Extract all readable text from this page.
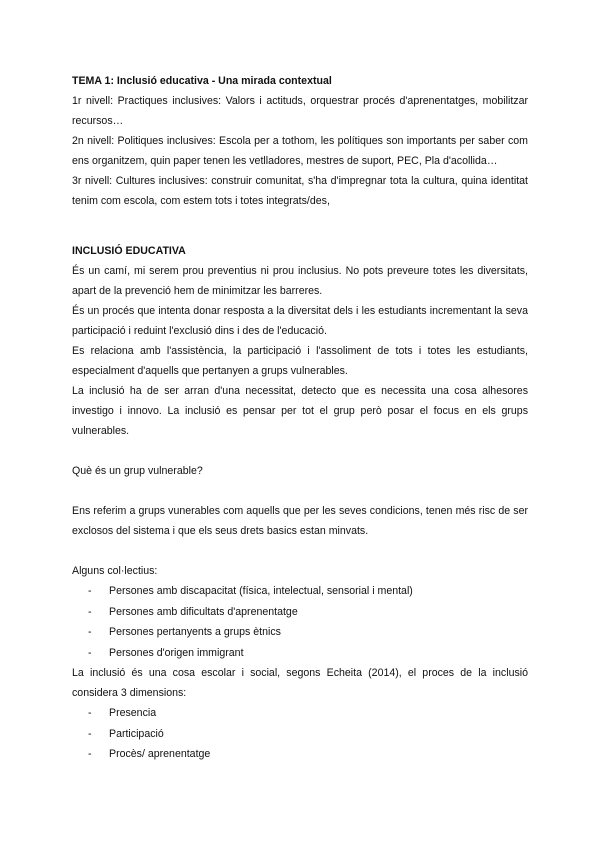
TEMA 1: Inclusió educativa - Una mirada contextual

1r nivell: Practiques inclusives: Valors i actituds, orquestrar procés d'aprenentatges, mobilitzar recursos…

2n nivell: Politiques inclusives: Escola per a tothom, les polítiques son importants per saber com ens organitzem, quin paper tenen les vetlladores, mestres de suport, PEC, Pla d'acollida…

3r nivell: Cultures inclusives: construir comunitat, s'ha d'impregnar tota la cultura, quina identitat tenim com escola, com estem tots i totes integrats/des,

INCLUSIÓ EDUCATIVA

És un camí, mi serem prou preventius ni prou inclusius. No pots preveure totes les diversitats, apart de la prevenció hem de minimitzar les barreres.

És un procés que intenta donar resposta a la diversitat dels i les estudiants incrementant la seva participació i reduint l'exclusió dins i des de l'educació.

Es relaciona amb l'assistència, la participació i l'assoliment de tots i totes les estudiants, especialment d'aquells que pertanyen a grups vulnerables.

La inclusió ha de ser arran d'una necessitat, detecto que es necessita una cosa alhesores investigo i innovo. La inclusió es pensar per tot el grup però posar el focus en els grups vulnerables.

Què és un grup vulnerable?

Ens referim a grups vunerables com aquells que per les seves condicions, tenen més risc de ser exclosos del sistema i que els seus drets basics estan minvats.

Alguns col·lectius:

- Persones amb discapacitat (física, intelectual, sensorial i mental)
- Persones amb dificultats d'aprenentatge
- Persones pertanyents a grups ètnics
- Persones d'origen immigrant

La inclusió és una cosa escolar i social, segons Echeita (2014), el proces de la inclusió considera 3 dimensions:

- Presencia
- Participació
- Procès/ aprenentatge
